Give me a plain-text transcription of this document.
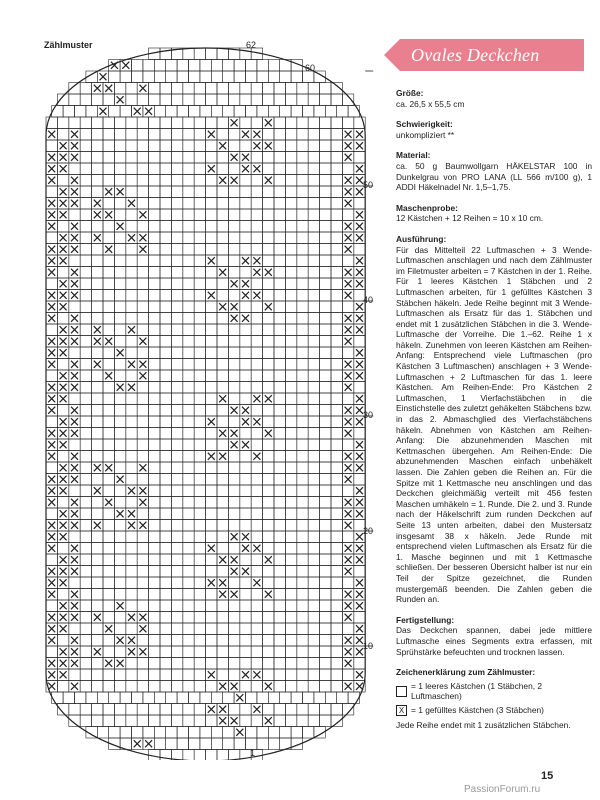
Zählmuster	62
60
1
50
40
30
20
10
Ovales Deckchen
Größe:

ca. 26,5 x 55,5 cm

Schwierigkeit:

unkompliziert **

Material:

ca. 50 g Baumwollgarn HÄKELSTAR 100 in Dunkelgrau von PRO LANA (LL 566 m/100 g), 1 ADDI Häkelnadel Nr. 1,5–1,75.

Maschenprobe:

12 Kästchen + 12 Reihen = 10 x 10 cm.

Ausführung:

Für das Mittelteil 22 Luftmaschen + 3 Wende-Luftmaschen anschlagen und nach dem Zählmuster im Filetmuster arbeiten = 7 Kästchen in der 1. Reihe. Für 1 leeres Kästchen 1 Stäbchen und 2 Luftmaschen arbeiten, für 1 gefülltes Kästchen 3 Stäbchen häkeln. Jede Reihe beginnt mit 3 Wende-Luftmaschen als Ersatz für das 1. Stäbchen und endet mit 1 zusätzlichen Stäbchen in die 3. Wende-Luftmasche der Vorreihe. Die 1.–62. Reihe 1 x häkeln. Zunehmen von leeren Kästchen am Reihen-Anfang: Entsprechend viele Luftmaschen (pro Kästchen 3 Luftmaschen) anschlagen + 3 Wende-Luftmaschen + 2 Luftmaschen für das 1. leere Kästchen. Am Reihen-Ende: Pro Kästchen 2 Luftmaschen, 1 Vierfachstäbchen in die Einstichstelle des zuletzt gehäkelten Stäbchens bzw. in das 2. Abmaschglied des Vierfachstäbchens häkeln. Abnehmen von Kästchen am Reihen-Anfang: Die abzunehmenden Maschen mit Kettmaschen übergehen. Am Reihen-Ende: Die abzunehmenden Maschen einfach unbehäkelt lassen. Die Zahlen geben die Reihen an. Für die Spitze mit 1 Kettmasche neu anschlingen und das Deckchen gleichmäßig verteilt mit 456 festen Maschen umhäkeln = 1. Runde. Die 2. und 3. Runde nach der Häkelschrift zum runden Deckchen auf Seite 13 unten arbeiten, dabei den Mustersatz insgesamt 38 x häkeln. Jede Runde mit entsprechend vielen Luftmaschen als Ersatz für die 1. Masche beginnen und mit 1 Kettmasche schließen. Der besseren Übersicht halber ist nur ein Teil der Spitze gezeichnet, die Runden mustergemäß beenden. Die Zahlen geben die Runden an.

Fertigstellung:

Das Deckchen spannen, dabei jede mittlere Luftmasche eines Segments extra erfassen, mit Sprühstärke befeuchten und trocknen lassen.

Zeichenerklärung zum Zählmuster:
= 1 leeres Kästchen (1 Stäbchen, 2 Luftmaschen)
X = 1 gefülltes Kästchen (3 Stäbchen)

Jede Reihe endet mit 1 zusätzlichen Stäbchen.

15
PassionForum.ru
